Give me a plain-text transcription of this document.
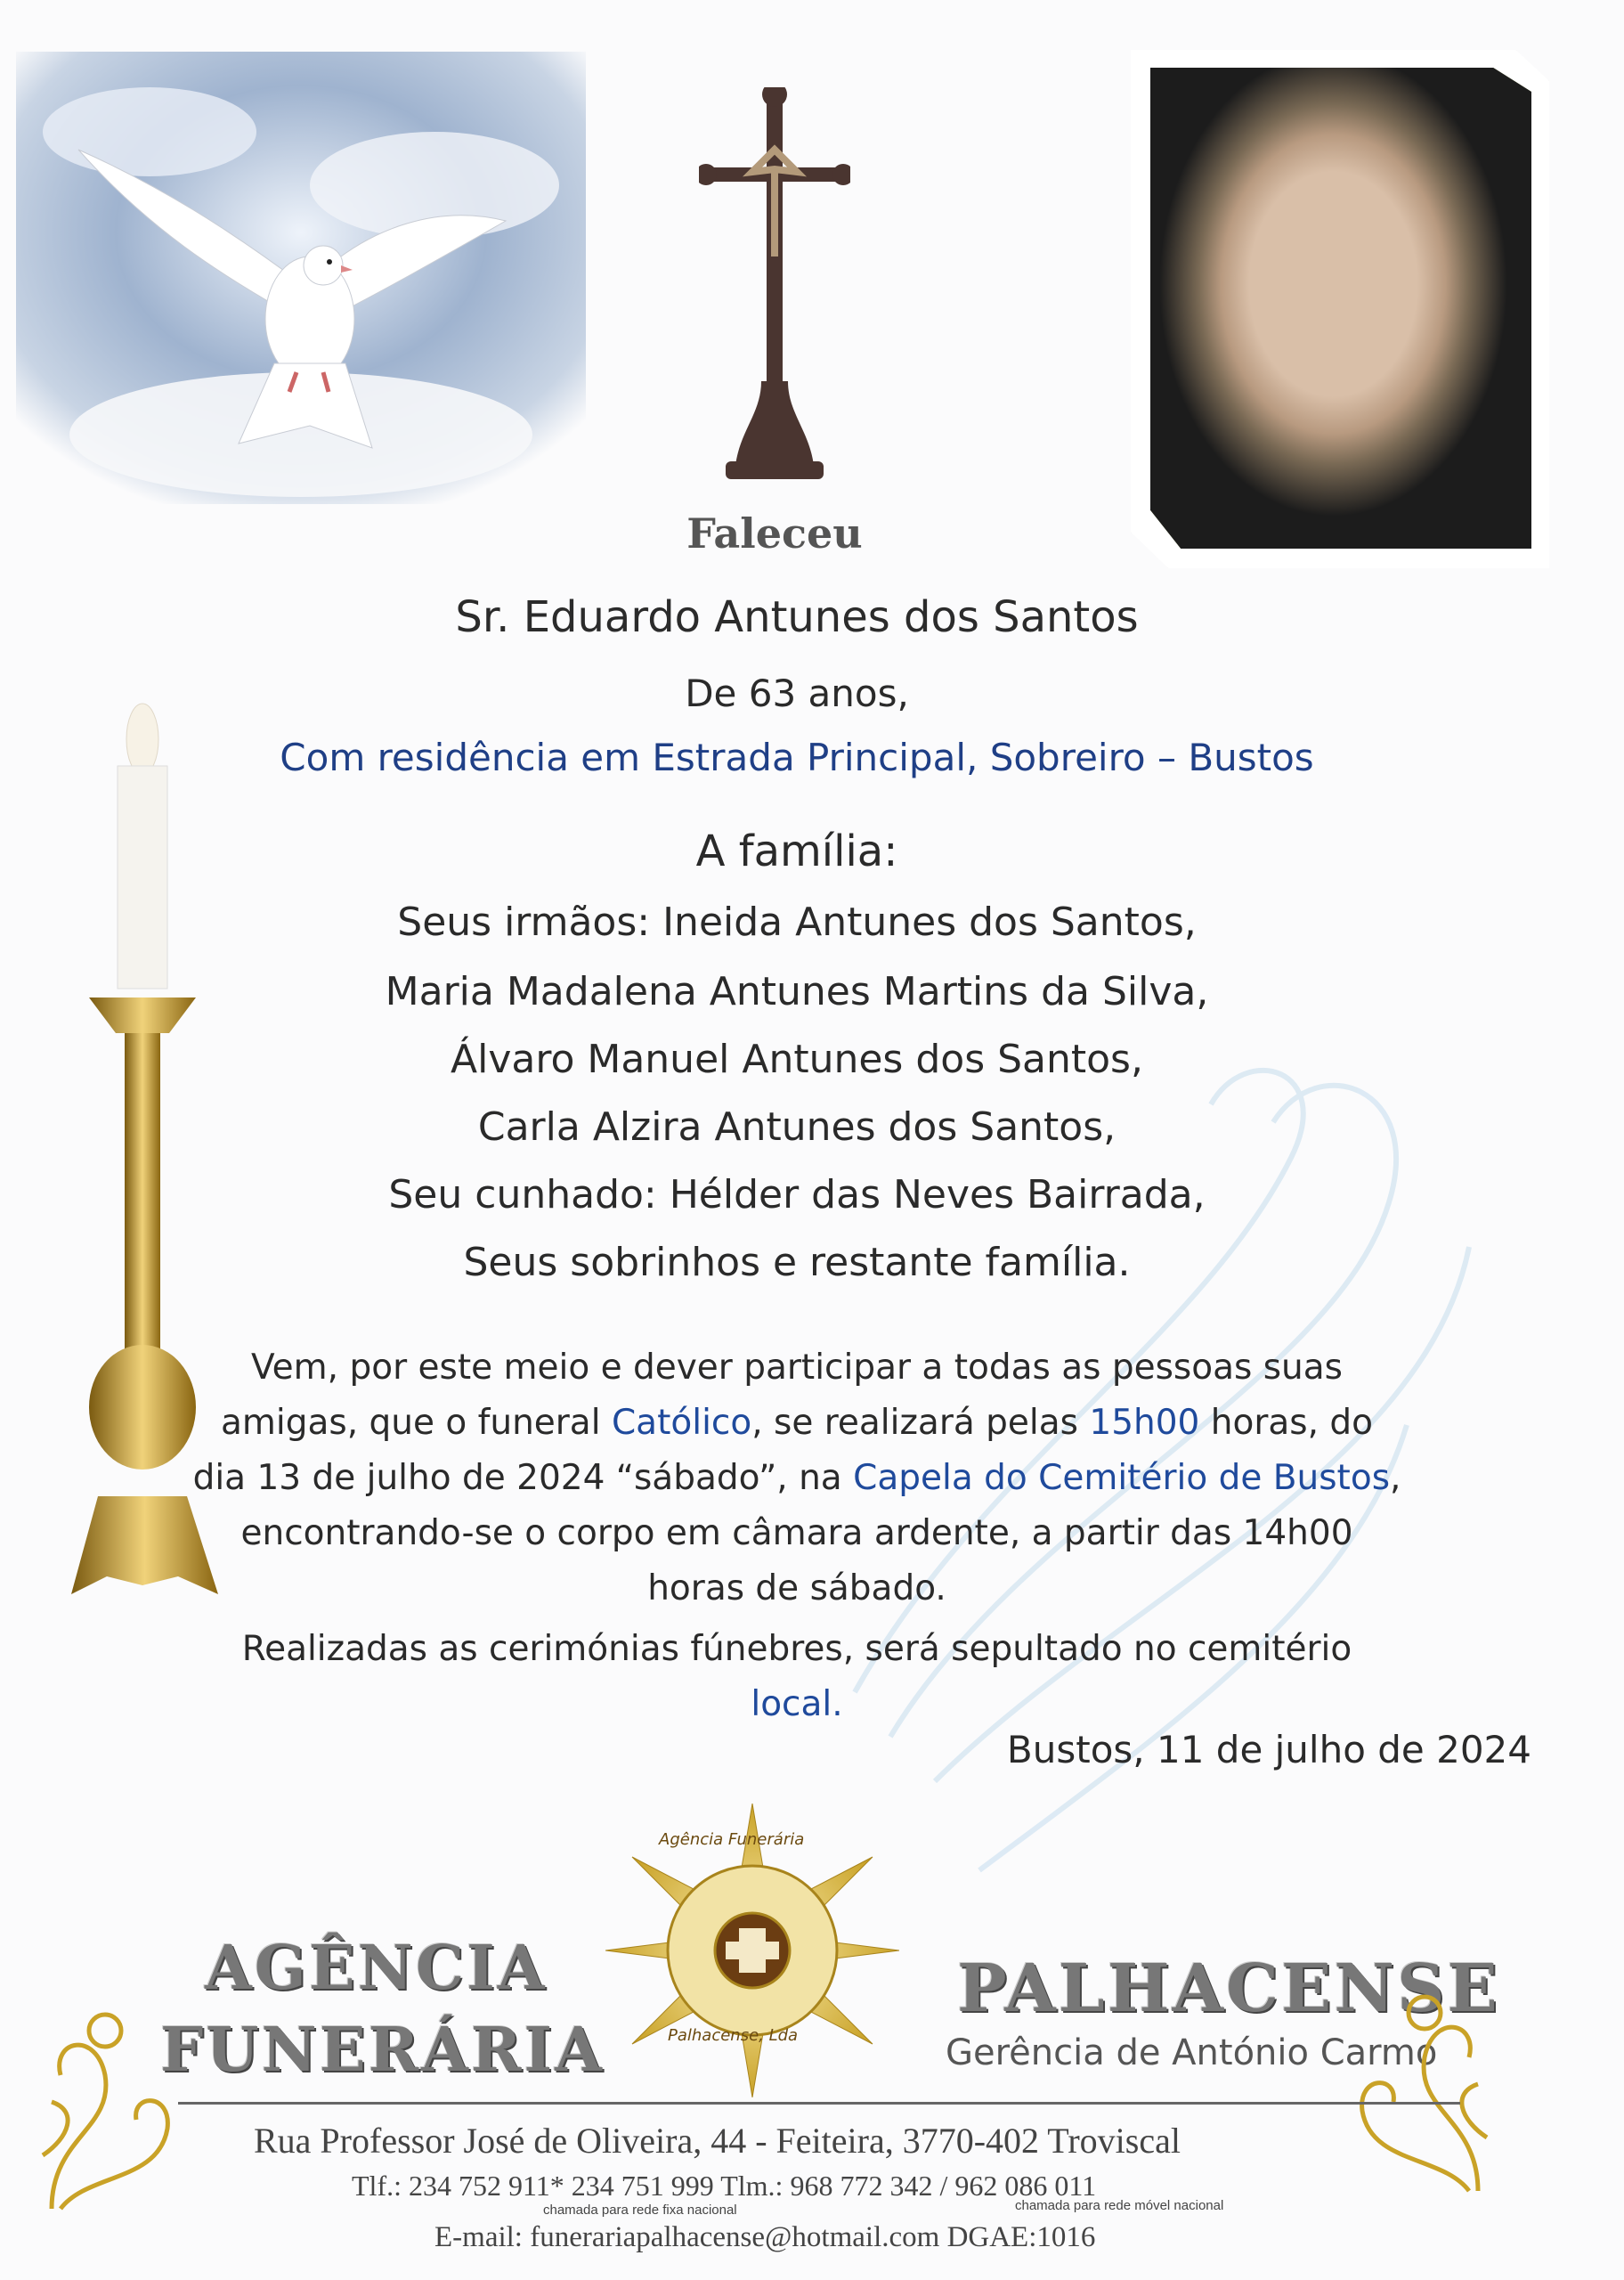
Faleceu
Sr. Eduardo Antunes dos Santos
De 63 anos,
Com residência em Estrada Principal, Sobreiro – Bustos
A família:
Seus irmãos: Ineida Antunes dos Santos,
Maria Madalena Antunes Martins da Silva,
Álvaro Manuel Antunes dos Santos,
Carla Alzira Antunes dos Santos,
Seu cunhado: Hélder das Neves Bairrada,
Seus sobrinhos e restante família.
Vem, por este meio e dever participar a todas as pessoas suas
amigas, que o funeral Católico, se realizará pelas 15h00 horas, do
dia 13 de julho de 2024 “sábado”, na Capela do Cemitério de Bustos,
encontrando-se o corpo em câmara ardente, a partir das 14h00
horas de sábado.
Realizadas as cerimónias fúnebres, será sepultado no cemitério
local.
Bustos, 11 de julho de 2024
Agência Funerária
Palhacense, Lda
AGÊNCIA
FUNERÁRIA
PALHACENSE
Gerência de António Carmo
Rua Professor José de Oliveira, 44 - Feiteira, 3770-402 Troviscal
Tlf.: 234 752 911* 234 751 999 Tlm.: 968 772 342 / 962 086 011
chamada para rede fixa nacional	chamada para rede móvel nacional
E-mail: funerariapalhacense@hotmail.com DGAE:1016
